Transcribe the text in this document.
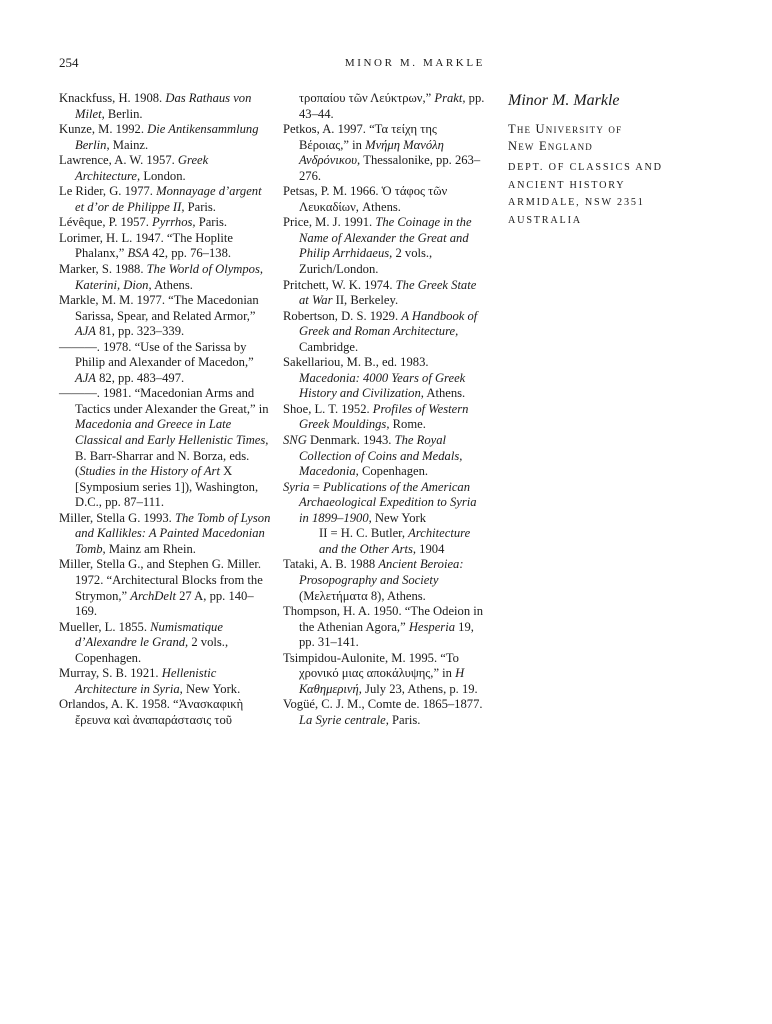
254	MINOR M. MARKLE

Knackfuss, H. 1908. Das Rathaus von Milet, Berlin.

Kunze, M. 1992. Die Antikensammlung Berlin, Mainz.

Lawrence, A. W. 1957. Greek Architecture, London.

Le Rider, G. 1977. Monnayage d’argent et d’or de Philippe II, Paris.

Lévêque, P. 1957. Pyrrhos, Paris.

Lorimer, H. L. 1947. “The Hoplite Phalanx,” BSA 42, pp. 76–138.

Marker, S. 1988. The World of Olympos, Katerini, Dion, Athens.

Markle, M. M. 1977. “The Macedonian Sarissa, Spear, and Related Armor,” AJA 81, pp. 323–339.

———. 1978. “Use of the Sarissa by Philip and Alexander of Macedon,” AJA 82, pp. 483–497.

———. 1981. “Macedonian Arms and Tactics under Alexander the Great,” in Macedonia and Greece in Late Classical and Early Hellenistic Times, B. Barr-Sharrar and N. Borza, eds. (Studies in the History of Art X [Symposium series 1]), Washington, D.C., pp. 87–111.

Miller, Stella G. 1993. The Tomb of Lyson and Kallikles: A Painted Macedonian Tomb, Mainz am Rhein.

Miller, Stella G., and Stephen G. Miller. 1972. “Architectural Blocks from the Strymon,” ArchDelt 27 A, pp. 140–169.

Mueller, L. 1855. Numismatique d’Alexandre le Grand, 2 vols., Copenhagen.

Murray, S. B. 1921. Hellenistic Architecture in Syria, New York.

Orlandos, A. K. 1958. “Ἀνασκαφικὴ ἔρευνα καὶ ἀναπαράστασις τοῦ

τροπαίου τῶν Λεύκτρων,” Prakt, pp. 43–44.

Petkos, A. 1997. “Τα τείχη της Βέροιας,” in Μνήμη Μανόλη Ανδρόνικου, Thessalonike, pp. 263–276.

Petsas, P. M. 1966. Ὁ τάφος τῶν Λευκαδίων, Athens.

Price, M. J. 1991. The Coinage in the Name of Alexander the Great and Philip Arrhidaeus, 2 vols., Zurich/London.

Pritchett, W. K. 1974. The Greek State at War II, Berkeley.

Robertson, D. S. 1929. A Handbook of Greek and Roman Architecture, Cambridge.

Sakellariou, M. B., ed. 1983. Macedonia: 4000 Years of Greek History and Civilization, Athens.

Shoe, L. T. 1952. Profiles of Western Greek Mouldings, Rome.

SNG Denmark. 1943. The Royal Collection of Coins and Medals, Macedonia, Copenhagen.

Syria = Publications of the American Archaeological Expedition to Syria in 1899–1900, New York

II = H. C. Butler, Architecture and the Other Arts, 1904

Tataki, A. B. 1988 Ancient Beroiea: Prosopography and Society (Μελετήματα 8), Athens.

Thompson, H. A. 1950. “The Odeion in the Athenian Agora,” Hesperia 19, pp. 31–141.

Tsimpidou-Aulonite, M. 1995. “Το χρονικό μιας αποκάλυψης,” in Η Καθημερινή, July 23, Athens, p. 19.

Vogüé, C. J. M., Comte de. 1865–1877. La Syrie centrale, Paris.

Minor M. Markle
The University of
New England
DEPT. OF CLASSICS AND
ANCIENT HISTORY
ARMIDALE, NSW 2351
AUSTRALIA
